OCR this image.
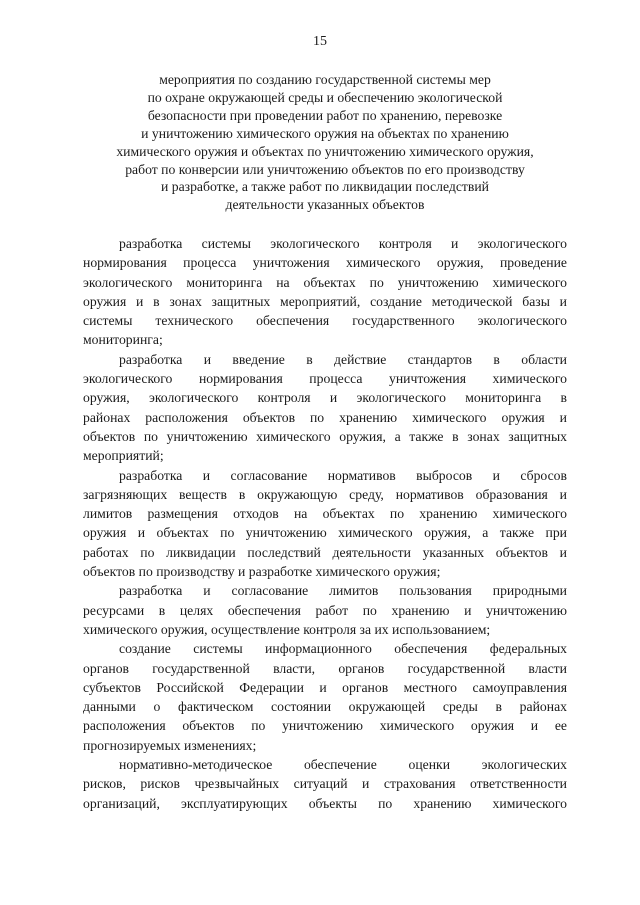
15
мероприятия по созданию государственной системы мер
по охране окружающей среды и обеспечению экологической
безопасности при проведении работ по хранению, перевозке
и уничтожению химического оружия на объектах по хранению
химического оружия и объектах по уничтожению химического оружия,
работ по конверсии или уничтожению объектов по его производству
и разработке, а также работ по ликвидации последствий
деятельности указанных объектов
разработка системы экологического контроля и экологического
нормирования процесса уничтожения химического оружия, проведение
экологического мониторинга на объектах по уничтожению химического
оружия и в зонах защитных мероприятий, создание методической базы и
системы технического обеспечения государственного экологического
мониторинга;
разработка и введение в действие стандартов в области
экологического нормирования процесса уничтожения химического
оружия, экологического контроля и экологического мониторинга в
районах расположения объектов по хранению химического оружия и
объектов по уничтожению химического оружия, а также в зонах защитных
мероприятий;
разработка и согласование нормативов выбросов и сбросов
загрязняющих веществ в окружающую среду, нормативов образования и
лимитов размещения отходов на объектах по хранению химического
оружия и объектах по уничтожению химического оружия, а также при
работах по ликвидации последствий деятельности указанных объектов и
объектов по производству и разработке химического оружия;
разработка и согласование лимитов пользования природными
ресурсами в целях обеспечения работ по хранению и уничтожению
химического оружия, осуществление контроля за их использованием;
создание системы информационного обеспечения федеральных
органов государственной власти, органов государственной власти
субъектов Российской Федерации и органов местного самоуправления
данными о фактическом состоянии окружающей среды в районах
расположения объектов по уничтожению химического оружия и ее
прогнозируемых изменениях;
нормативно-методическое обеспечение оценки экологических
рисков, рисков чрезвычайных ситуаций и страхования ответственности
организаций, эксплуатирующих объекты по хранению химического
